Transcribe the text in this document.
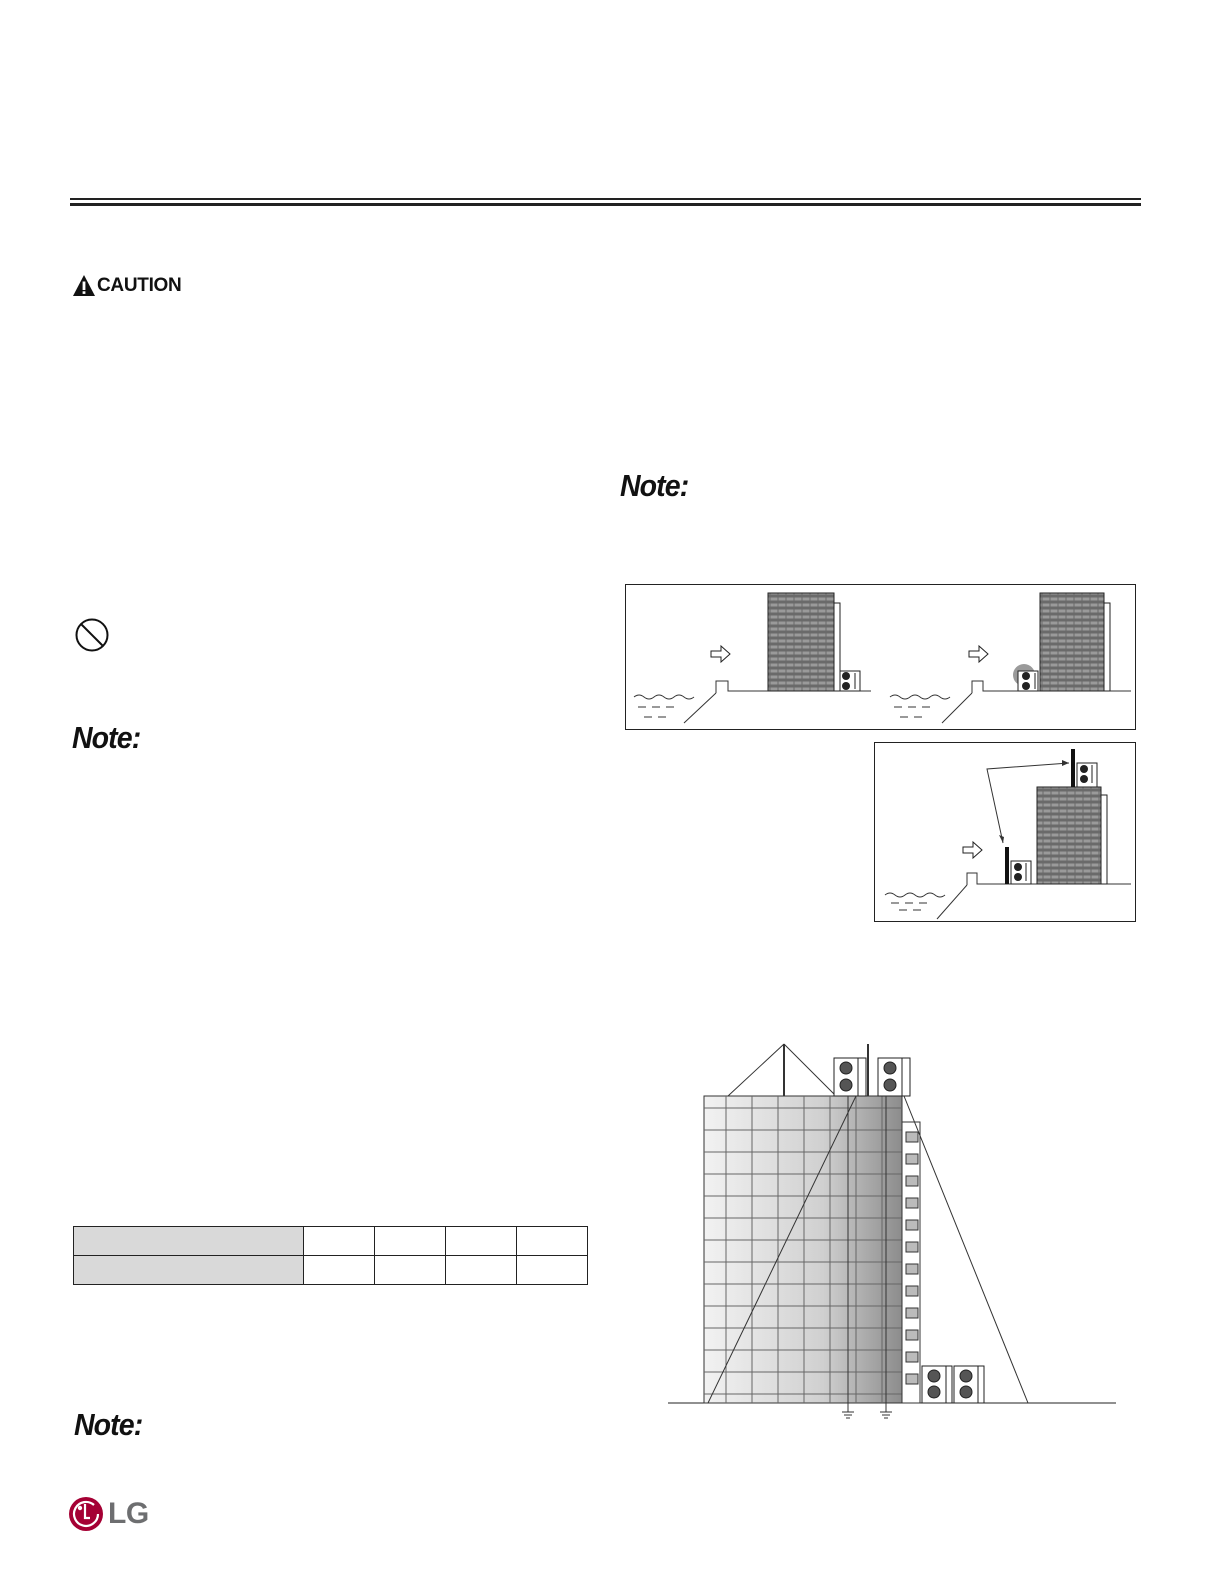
CAUTION
Note:
Note:
Note:

LG
